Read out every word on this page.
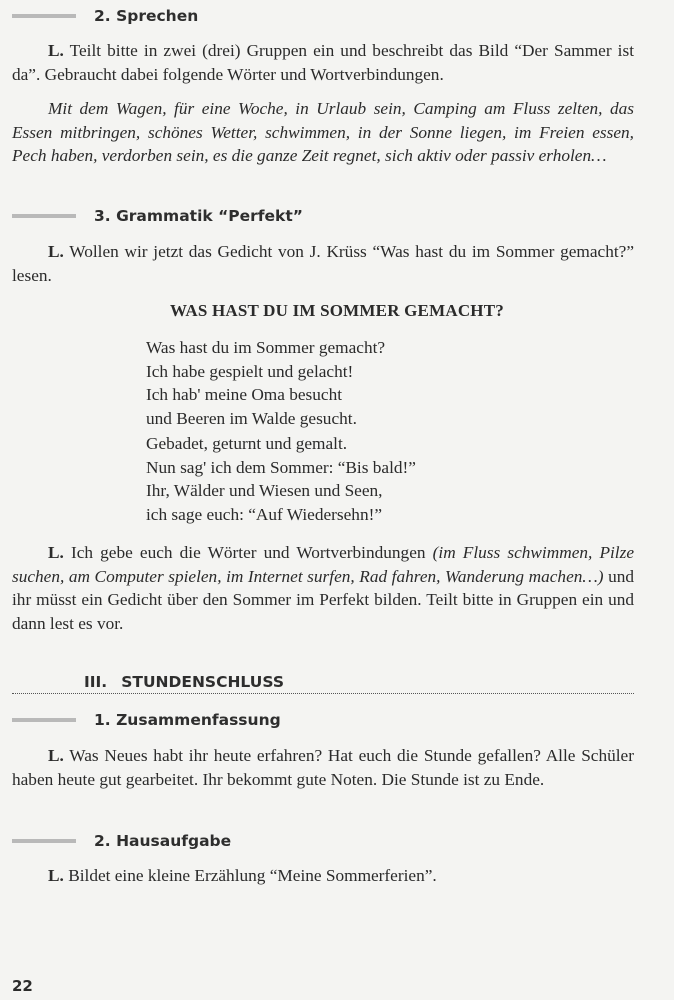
2. Sprechen

L. Teilt bitte in zwei (drei) Gruppen ein und beschreibt das Bild “Der Sammer ist da”. Gebraucht dabei folgende Wörter und Wortverbindungen.

Mit dem Wagen, für eine Woche, in Urlaub sein, Camping am Fluss zelten, das Essen mitbringen, schönes Wetter, schwimmen, in der Sonne liegen, im Freien essen, Pech haben, verdorben sein, es die ganze Zeit regnet, sich aktiv oder passiv erholen…

3. Grammatik “Perfekt”

L. Wollen wir jetzt das Gedicht von J. Krüss “Was hast du im Sommer gemacht?” lesen.

WAS HAST DU IM SOMMER GEMACHT?
Was hast du im Sommer gemacht?
Ich habe gespielt und gelacht!
Ich hab' meine Oma besucht
und Beeren im Walde gesucht.
Gebadet, geturnt und gemalt.
Nun sag' ich dem Sommer: “Bis bald!”
Ihr, Wälder und Wiesen und Seen,
ich sage euch: “Auf Wiedersehn!”

L. Ich gebe euch die Wörter und Wortverbindungen (im Fluss schwimmen, Pilze suchen, am Computer spielen, im Internet surfen, Rad fahren, Wanderung machen…) und ihr müsst ein Gedicht über den Sommer im Perfekt bilden. Teilt bitte in Gruppen ein und dann lest es vor.

III. STUNDENSCHLUSS
1. Zusammenfassung

L. Was Neues habt ihr heute erfahren? Hat euch die Stunde gefallen? Alle Schüler haben heute gut gearbeitet. Ihr bekommt gute Noten. Die Stunde ist zu Ende.

2. Hausaufgabe

L. Bildet eine kleine Erzählung “Meine Sommerferien”.

22
